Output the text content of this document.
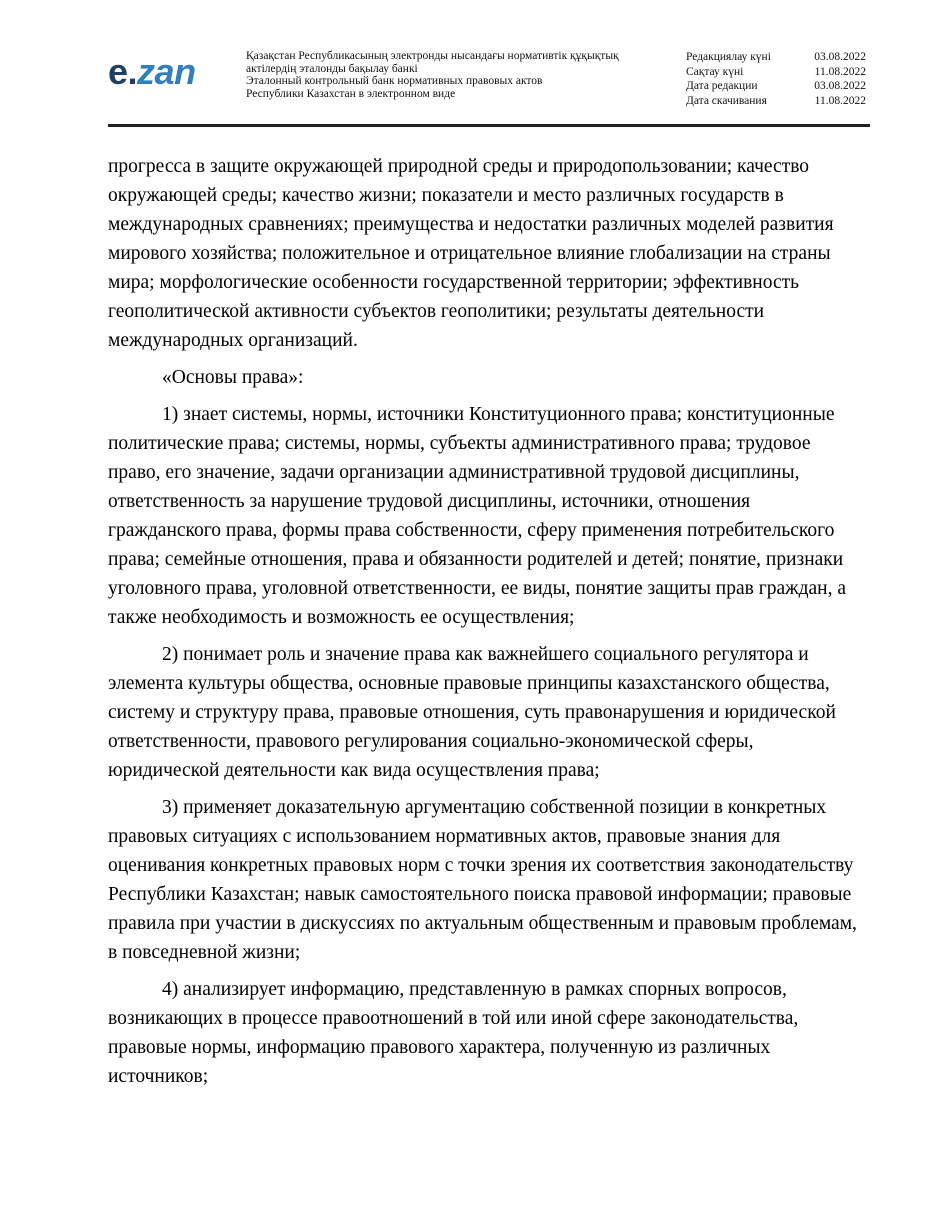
e.zan	Қазақстан Республикасының электронды нысандағы нормативтік құқықтық
актілердің эталонды бақылау банкі
Эталонный контрольный банк нормативных правовых актов
Республики Казахстан в электронном виде
Редакциялау күні	03.08.2022
Сақтау күні	11.08.2022
Дата редакции	03.08.2022
Дата скачивания	11.08.2022

прогресса в защите окружающей природной среды и природопользовании; качество окружающей среды; качество жизни; показатели и место различных государств в международных сравнениях; преимущества и недостатки различных моделей развития мирового хозяйства; положительное и отрицательное влияние глобализации на страны мира; морфологические особенности государственной территории; эффективность геополитической активности субъектов геополитики; результаты деятельности международных организаций.

«Основы права»:

1) знает системы, нормы, источники Конституционного права; конституционные политические права; системы, нормы, субъекты административного права; трудовое право, его значение, задачи организации административной трудовой дисциплины, ответственность за нарушение трудовой дисциплины, источники, отношения гражданского права, формы права собственности, сферу применения потребительского права; семейные отношения, права и обязанности родителей и детей; понятие, признаки уголовного права, уголовной ответственности, ее виды, понятие защиты прав граждан, а также необходимость и возможность ее осуществления;

2) понимает роль и значение права как важнейшего социального регулятора и элемента культуры общества, основные правовые принципы казахстанского общества, систему и структуру права, правовые отношения, суть правонарушения и юридической ответственности, правового регулирования социально-экономической сферы, юридической деятельности как вида осуществления права;

3) применяет доказательную аргументацию собственной позиции в конкретных правовых ситуациях с использованием нормативных актов, правовые знания для оценивания конкретных правовых норм с точки зрения их соответствия законодательству Республики Казахстан; навык самостоятельного поиска правовой информации; правовые правила при участии в дискуссиях по актуальным общественным и правовым проблемам, в повседневной жизни;

4) анализирует информацию, представленную в рамках спорных вопросов, возникающих в процессе правоотношений в той или иной сфере законодательства, правовые нормы, информацию правового характера, полученную из различных источников;
